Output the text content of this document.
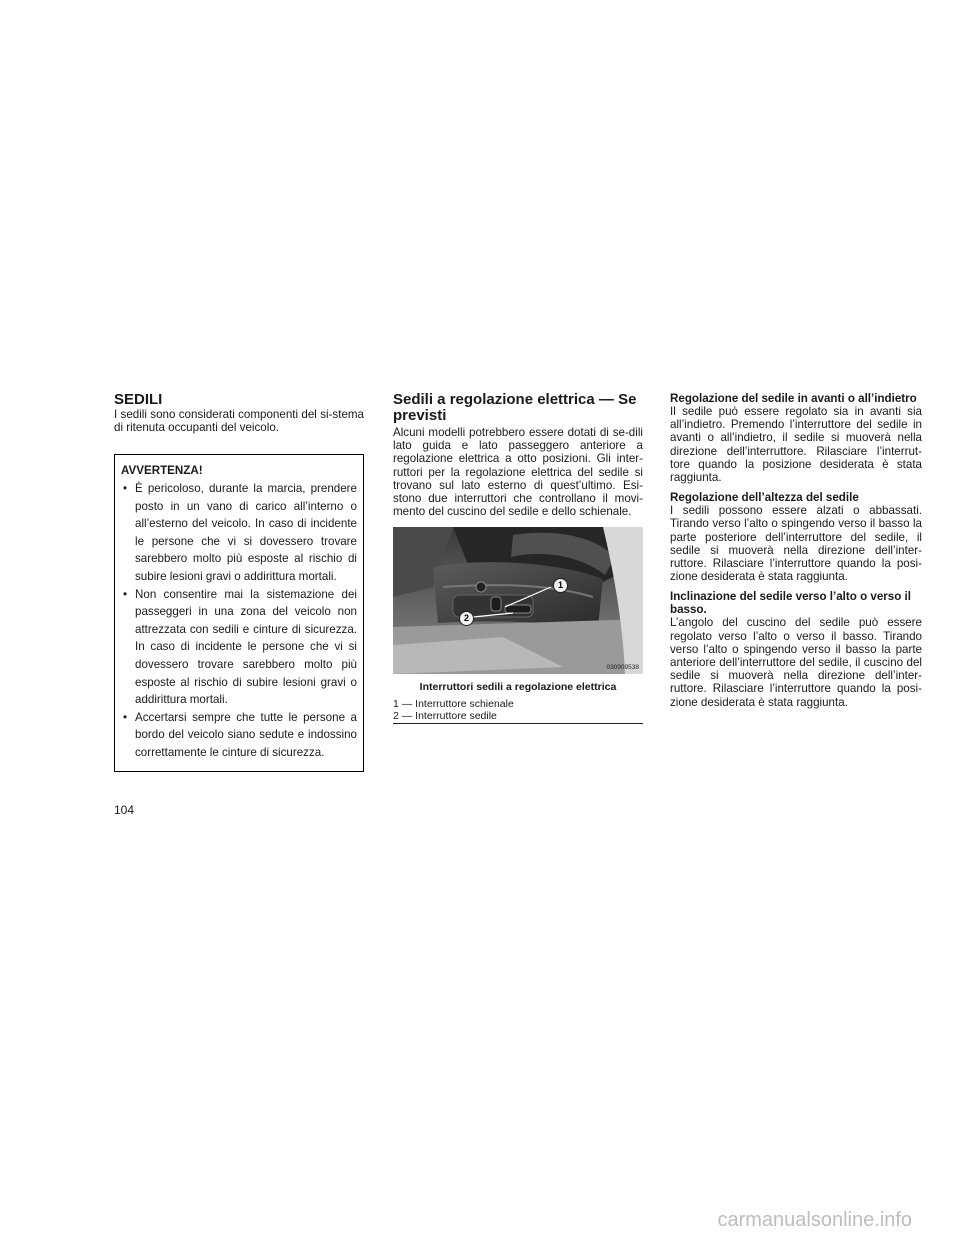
SEDILI

I sedili sono considerati componenti del si-stema di ritenuta occupanti del veicolo.

AVVERTENZA!
• È pericoloso, durante la marcia, prendere posto in un vano di carico all’interno o all’esterno del veicolo. In caso di incidente le persone che vi si dovessero trovare sarebbero molto più esposte al rischio di subire lesioni gravi o addirittura mortali.
• Non consentire mai la sistemazione dei passeggeri in una zona del veicolo non attrezzata con sedili e cinture di sicurezza. In caso di incidente le persone che vi si dovessero trovare sarebbero molto più esposte al rischio di subire lesioni gravi o addirittura mortali.
• Accertarsi sempre che tutte le persone a bordo del veicolo siano sedute e indossino correttamente le cinture di sicurezza.
Sedili a regolazione elettrica — Se previsti

Alcuni modelli potrebbero essere dotati di se-dili lato guida e lato passeggero anteriore a regolazione elettrica a otto posizioni. Gli inter-ruttori per la regolazione elettrica del sedile si trovano sul lato esterno di quest’ultimo. Esi-stono due interruttori che controllano il movi-mento del cuscino del sedile e dello schienale.

1
2
030909538
Interruttori sedili a regolazione elettrica
1 — Interruttore schienale
2 — Interruttore sedile
Regolazione del sedile in avanti o all’indietro

Il sedile può essere regolato sia in avanti sia all’indietro. Premendo l’interruttore del sedile in avanti o all’indietro, il sedile si muoverà nella direzione dell’interruttore. Rilasciare l’interrut-tore quando la posizione desiderata è stata raggiunta.

Regolazione dell’altezza del sedile

I sedili possono essere alzati o abbassati. Tirando verso l’alto o spingendo verso il basso la parte posteriore dell’interruttore del sedile, il sedile si muoverà nella direzione dell’inter-ruttore. Rilasciare l’interruttore quando la posi-zione desiderata è stata raggiunta.

Inclinazione del sedile verso l’alto o verso il basso.

L’angolo del cuscino del sedile può essere regolato verso l’alto o verso il basso. Tirando verso l’alto o spingendo verso il basso la parte anteriore dell’interruttore del sedile, il cuscino del sedile si muoverà nella direzione dell’inter-ruttore. Rilasciare l’interruttore quando la posi-zione desiderata è stata raggiunta.

104
carmanualsonline.info
